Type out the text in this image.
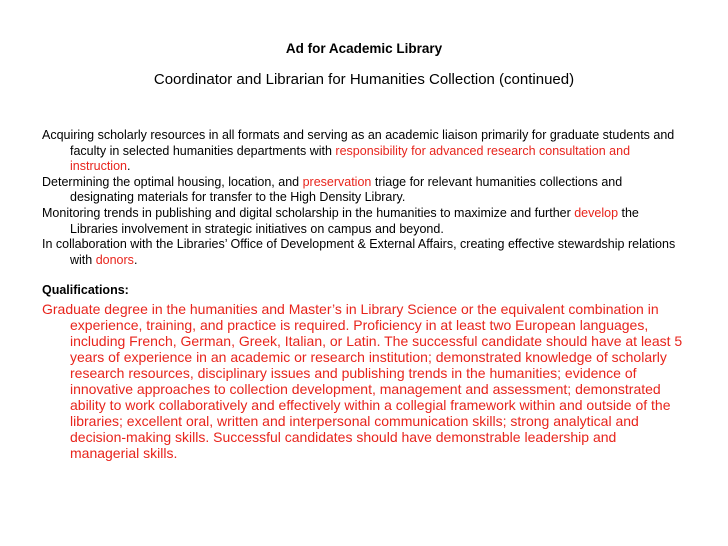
Ad for Academic Library
Coordinator and Librarian for Humanities Collection (continued)

Acquiring scholarly resources in all formats and serving as an academic liaison primarily for graduate students and faculty in selected humanities departments with responsibility for advanced research consultation and instruction.

Determining the optimal housing, location, and preservation triage for relevant humanities collections and designating materials for transfer to the High Density Library.

Monitoring trends in publishing and digital scholarship in the humanities to maximize and further develop the Libraries involvement in strategic initiatives on campus and beyond.

In collaboration with the Libraries’ Office of Development & External Affairs, creating effective stewardship relations with donors.

Qualifications:

Graduate degree in the humanities and Master’s in Library Science or the equivalent combination in experience, training, and practice is required. Proficiency in at least two European languages, including French, German, Greek, Italian, or Latin. The successful candidate should have at least 5 years of experience in an academic or research institution; demonstrated knowledge of scholarly research resources, disciplinary issues and publishing trends in the humanities; evidence of innovative approaches to collection development, management and assessment; demonstrated ability to work collaboratively and effectively within a collegial framework within and outside of the libraries; excellent oral, written and interpersonal communication skills; strong analytical and decision-making skills. Successful candidates should have demonstrable leadership and managerial skills.
